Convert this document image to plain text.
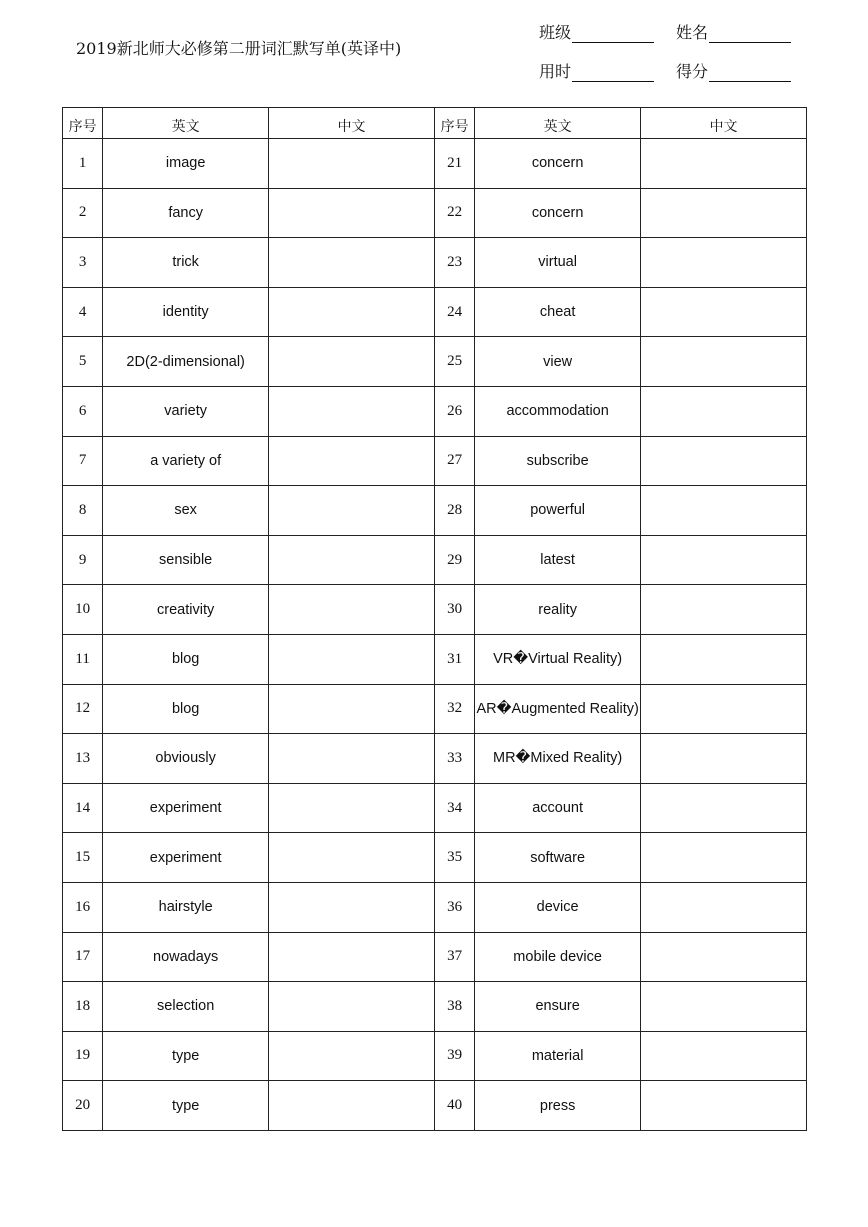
2019新北师大必修第二册词汇默写单(英译中)
班级	姓名
用时	得分
序号	英文	中文	序号	英文	中文
1	image		21	concern	
2	fancy		22	concern	
3	trick		23	virtual	
4	identity		24	cheat	
5	2D(2-dimensional)		25	view	
6	variety		26	accommodation	
7	a variety of		27	subscribe	
8	sex		28	powerful	
9	sensible		29	latest	
10	creativity		30	reality	
11	blog		31	VR�Virtual Reality)	
12	blog		32	AR�Augmented Reality)	
13	obviously		33	MR�Mixed Reality)	
14	experiment		34	account	
15	experiment		35	software	
16	hairstyle		36	device	
17	nowadays		37	mobile device	
18	selection		38	ensure	
19	type		39	material	
20	type		40	press	
